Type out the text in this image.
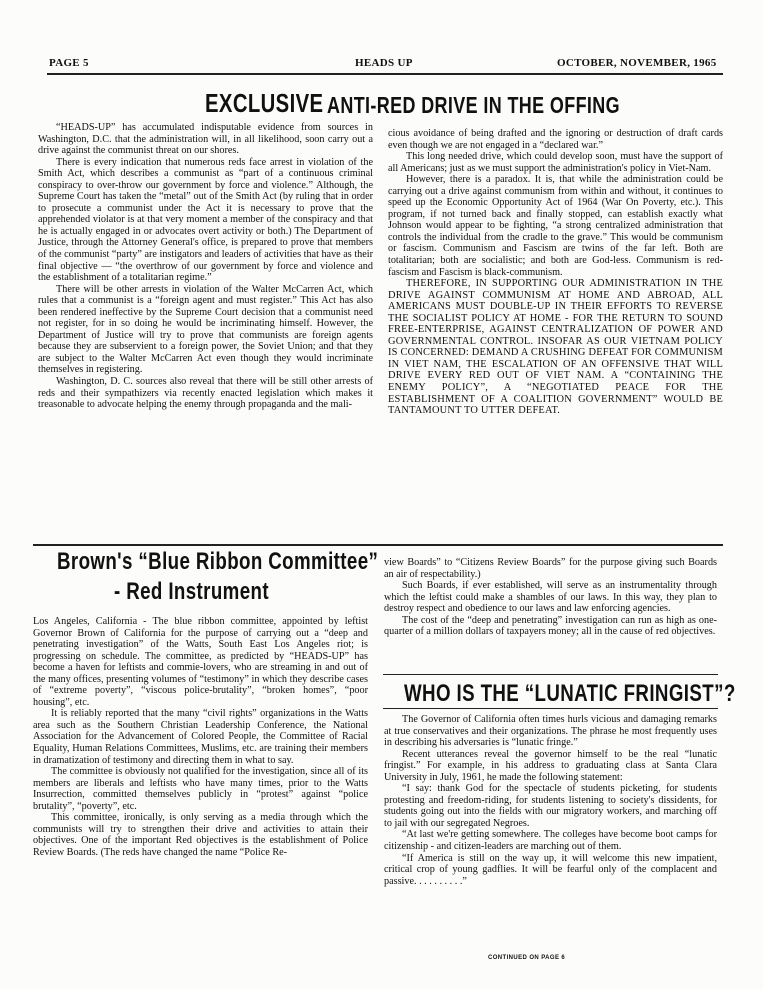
PAGE 5	HEADS UP	OCTOBER, NOVEMBER, 1965
EXCLUSIVE ANTI-RED DRIVE IN THE OFFING

“HEADS-UP” has accumulated indisputable evidence from sources in Washington, D.C. that the administration will, in all likelihood, soon carry out a drive against the communist threat on our shores.

There is every indication that numerous reds face arrest in violation of the Smith Act, which describes a communist as “part of a continuous criminal conspiracy to over-throw our government by force and violence.” Although, the Supreme Court has taken the “metal” out of the Smith Act (by ruling that in order to prosecute a communist under the Act it is necessary to prove that the apprehended violator is at that very moment a member of the conspiracy and that he is actually engaged in or advocates overt activity or both.) The Department of Justice, through the Attorney General's office, is prepared to prove that members of the communist “party” are instigators and leaders of activities that have as their final objective — “the overthrow of our government by force and violence and the establishment of a totalitarian regime.”

There will be other arrests in violation of the Walter McCarren Act, which rules that a communist is a “foreign agent and must register.” This Act has also been rendered ineffective by the Supreme Court decision that a communist need not register, for in so doing he would be incriminating himself. However, the Department of Justice will try to prove that communists are foreign agents because they are subservient to a foreign power, the Soviet Union; and that they are subject to the Walter McCarren Act even though they would incriminate themselves in registering.

Washington, D. C. sources also reveal that there will be still other arrests of reds and their sympathizers via recently enacted legislation which makes it treasonable to advocate helping the enemy through propaganda and the mali-

cious avoidance of being drafted and the ignoring or destruction of draft cards even though we are not engaged in a “declared war.”

This long needed drive, which could develop soon, must have the support of all Americans; just as we must support the administration's policy in Viet-Nam.

However, there is a paradox. It is, that while the administration could be carrying out a drive against communism from within and without, it continues to speed up the Economic Opportunity Act of 1964 (War On Poverty, etc.). This program, if not turned back and finally stopped, can establish exactly what Johnson would appear to be fighting, “a strong centralized administration that controls the individual from the cradle to the grave.” This would be communism or fascism. Communism and Fascism are twins of the far left. Both are totalitarian; both are socialistic; and both are God-less. Communism is red-fascism and Fascism is black-communism.

THEREFORE, IN SUPPORTING OUR ADMINISTRATION IN THE DRIVE AGAINST COMMUNISM AT HOME AND ABROAD, ALL AMERICANS MUST DOUBLE-UP IN THEIR EFFORTS TO REVERSE THE SOCIALIST POLICY AT HOME - FOR THE RETURN TO SOUND FREE-ENTERPRISE, AGAINST CENTRALIZATION OF POWER AND GOVERNMENTAL CONTROL. INSOFAR AS OUR VIETNAM POLICY IS CONCERNED: DEMAND A CRUSHING DEFEAT FOR COMMUNISM IN VIET NAM, THE ESCALATION OF AN OFFENSIVE THAT WILL DRIVE EVERY RED OUT OF VIET NAM. A “CONTAINING THE ENEMY POLICY”, A “NEGOTIATED PEACE FOR THE ESTABLISHMENT OF A COALITION GOVERNMENT” WOULD BE TANTAMOUNT TO UTTER DEFEAT.

Brown's “Blue Ribbon Committee”
- Red Instrument

Los Angeles, California - The blue ribbon committee, appointed by leftist Governor Brown of California for the purpose of carrying out a “deep and penetrating investigation” of the Watts, South East Los Angeles riot; is progressing on schedule. The committee, as predicted by “HEADS-UP” has become a haven for leftists and commie-lovers, who are streaming in and out of the many offices, presenting volumes of “testimony” in which they describe cases of “extreme poverty”, “viscous police-brutality”, “broken homes”, “poor housing”, etc.

It is reliably reported that the many “civil rights” organizations in the Watts area such as the Southern Christian Leadership Conference, the National Association for the Advancement of Colored People, the Committee of Racial Equality, Human Relations Committees, Muslims, etc. are training their members in dramatization of testimony and directing them in what to say.

The committee is obviously not qualified for the investigation, since all of its members are liberals and leftists who have many times, prior to the Watts Insurrection, committed themselves publicly in “protest” against “police brutality”, “poverty”, etc.

This committee, ironically, is only serving as a media through which the communists will try to strengthen their drive and activities to attain their objectives. One of the important Red objectives is the establishment of Police Review Boards. (The reds have changed the name “Police Re-

view Boards” to “Citizens Review Boards” for the purpose giving such Boards an air of respectability.)

Such Boards, if ever established, will serve as an instrumentality through which the leftist could make a shambles of our laws. In this way, they plan to destroy respect and obedience to our laws and law enforcing agencies.

The cost of the “deep and penetrating” investigation can run as high as one-quarter of a million dollars of taxpayers money; all in the cause of red objectives.

WHO IS THE “LUNATIC FRINGIST”?

The Governor of California often times hurls vicious and damaging remarks at true conservatives and their organizations. The phrase he most frequently uses in describing his adversaries is “lunatic fringe.”

Recent utterances reveal the governor himself to be the real “lunatic fringist.” For example, in his address to graduating class at Santa Clara University in July, 1961, he made the following statement:

“I say: thank God for the spectacle of students picketing, for students protesting and freedom-riding, for students listening to society's dissidents, for students going out into the fields with our migratory workers, and marching off to jail with our segregated Negroes.

“At last we're getting somewhere. The colleges have become boot camps for citizenship - and citizen-leaders are marching out of them.

“If America is still on the way up, it will welcome this new impatient, critical crop of young gadflies. It will be fearful only of the complacent and passive. . . . . . . . . .”

CONTINUED ON PAGE 6
